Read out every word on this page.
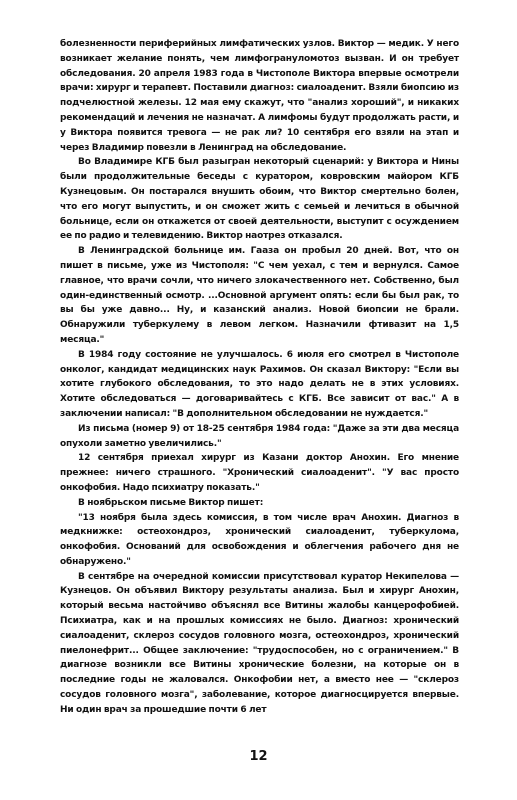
болезненности периферийных лимфатических узлов. Виктор — медик. У него возникает желание понять, чем лимфогрануломотоз вызван. И он требует обследования. 20 апреля 1983 года в Чистополе Виктора впервые осмотрели врачи: хирург и терапевт. Поставили диагноз: сиалоаденит. Взяли биопсию из подчелюстной железы. 12 мая ему скажут, что "анализ хороший", и никаких рекомендаций и лечения не назначат. А лимфомы будут продолжать расти, и у Виктора появится тревога — не рак ли? 10 сентября его взяли на этап и через Владимир повезли в Ленинград на обследование.

Во Владимире КГБ был разыгран некоторый сценарий: у Виктора и Нины были продолжительные беседы с куратором, ковровским майором КГБ Кузнецовым. Он постарался внушить обоим, что Виктор смертельно болен, что его могут выпустить, и он сможет жить с семьей и лечиться в обычной больнице, если он откажется от своей деятельности, выступит с осуждением ее по радио и телевидению. Виктор наотрез отказался.

В Ленинградской больнице им. Гааза он пробыл 20 дней. Вот, что он пишет в письме, уже из Чистополя: "С чем уехал, с тем и вернулся. Самое главное, что врачи сочли, что ничего злокачественного нет. Собственно, был один-единственный осмотр. ...Основной аргумент опять: если бы был рак, то вы бы уже давно... Ну, и казанский анализ. Новой биопсии не брали. Обнаружили туберкулему в левом легком. Назначили фтивазит на 1,5 месяца."

В 1984 году состояние не улучшалось. 6 июля его смотрел в Чистополе онколог, кандидат медицинских наук Рахимов. Он сказал Виктору: "Если вы хотите глубокого обследования, то это надо делать не в этих условиях. Хотите обследоваться — договаривайтесь с КГБ. Все зависит от вас." А в заключении написал: "В дополнительном обследовании не нуждается."

Из письма (номер 9) от 18-25 сентября 1984 года: "Даже за эти два месяца опухоли заметно увеличились."

12 сентября приехал хирург из Казани доктор Анохин. Его мнение прежнее: ничего страшного. "Хронический сиалоаденит". "У вас просто онкофобия. Надо психиатру показать."

В ноябрьском письме Виктор пишет:

"13 ноября была здесь комиссия, в том числе врач Анохин. Диагноз в медкнижке: остеохондроз, хронический сиалоаденит, туберкулома, онкофобия. Оснований для освобождения и облегчения рабочего дня не обнаружено."

В сентябре на очередной комиссии присутствовал куратор Некипелова — Кузнецов. Он объявил Виктору результаты анализа. Был и хирург Анохин, который весьма настойчиво объяснял все Витины жалобы канцерофобией. Психиатра, как и на прошлых комиссиях не было. Диагноз: хронический сиалоаденит, склероз сосудов головного мозга, остеохондроз, хронический пиелонефрит... Общее заключение: "трудоспособен, но с ограничением." В диагнозе возникли все Витины хронические болезни, на которые он в последние годы не жаловался. Онкофобии нет, а вместо нее — "склероз сосудов головного мозга", заболевание, которое диагносцируется впервые. Ни один врач за прошедшие почти 6 лет

12
